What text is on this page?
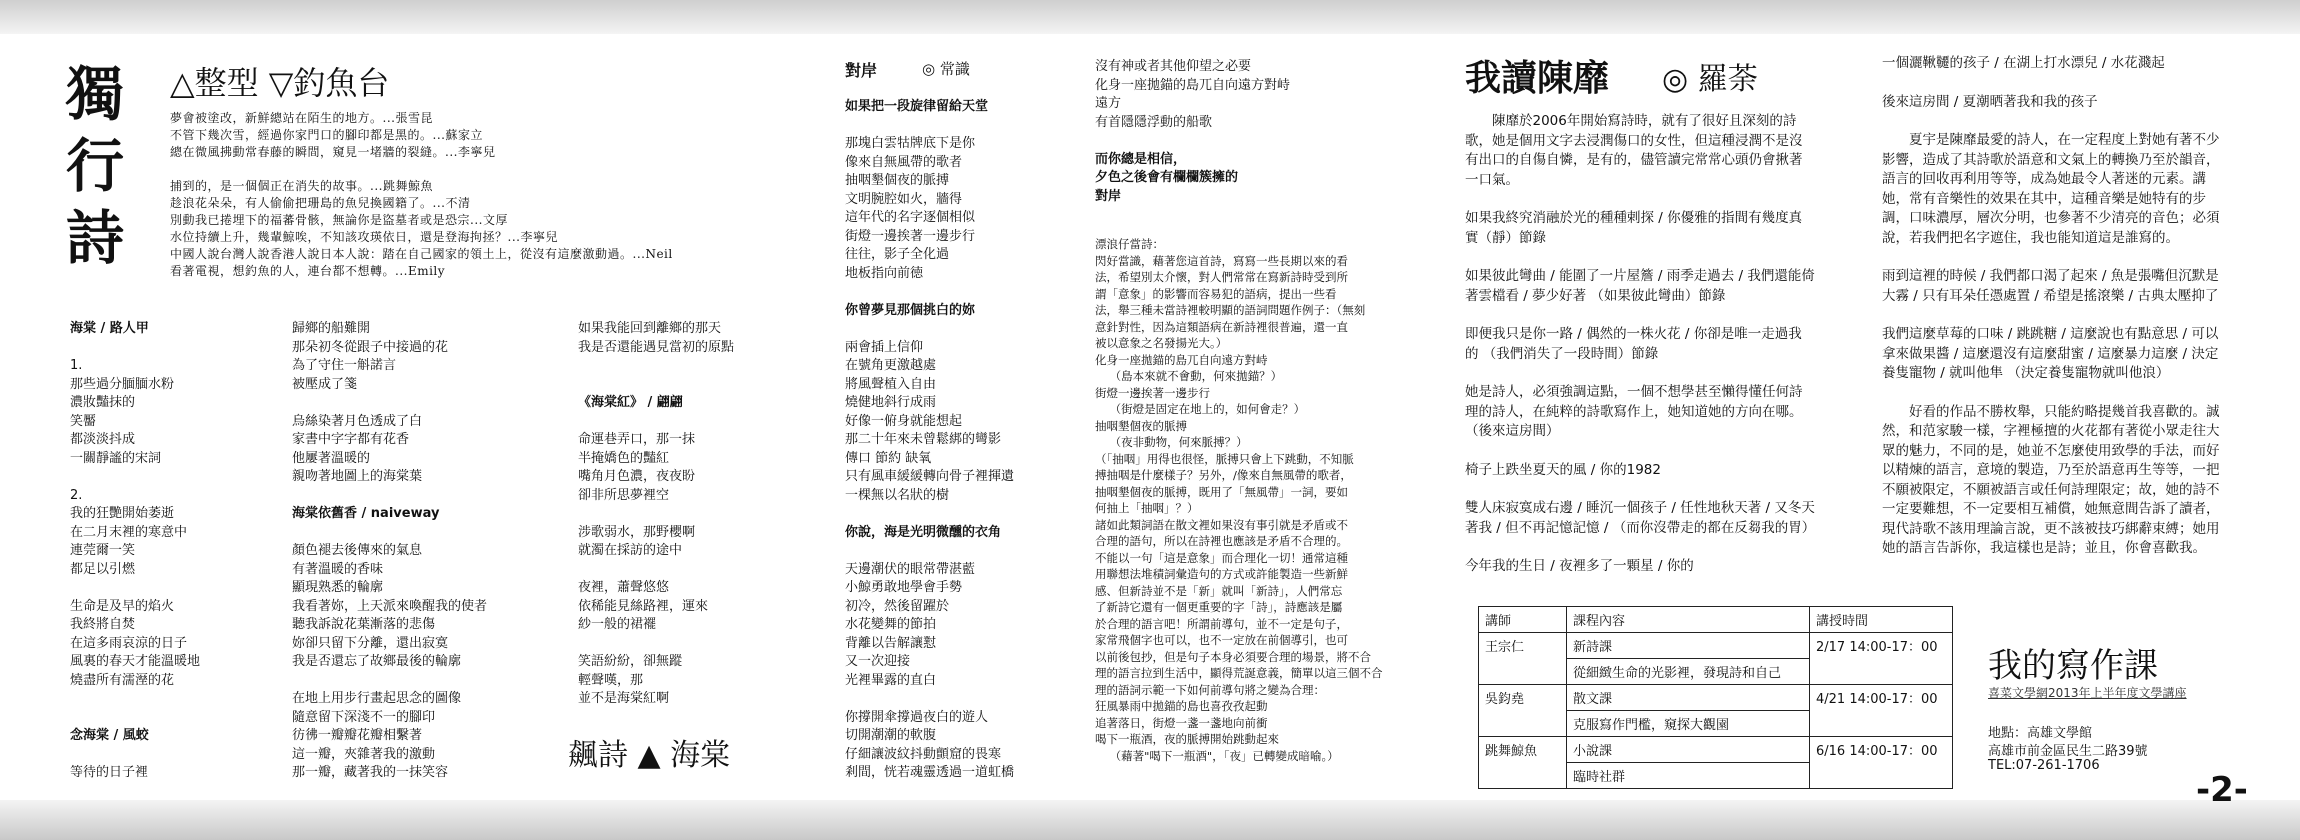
獨
行
詩
△整型 ▽釣魚台
夢會被塗改，新鮮總站在陌生的地方。...張雪昆
不管下幾次雪，經過你家門口的腳印都是黑的。...蘇家立
總在微風拂動常春藤的瞬間，窺見一堵牆的裂縫。...李寧兒

捕到的，是一個個正在消失的故事。...跳舞鯨魚
趁浪花朵朵，有人偷偷把珊島的魚兒換國籍了。...不清
別動我已捲埋下的福蕃骨骸，無論你是盜墓者或是恐宗...文厚
水位持續上升，幾輩鯨唉，不知該攻瑛依日，還是登海拘拯？...李寧兒
中國人說台灣人說香港人說日本人說：踏在自己國家的領土上，從沒有這麼激動過。...Neil
看著電視，想釣魚的人，連台都不想轉。...Emily

海棠 / 路人甲

1.

那些過分腼腼水粉

濃妝豔抹的

笑靨

都淡淡抖成

一關靜謐的宋詞

2.

我的狂艷開始萎逝

在二月末裡的寒意中

連莞爾一笑

都足以引燃

生命是及早的焰火

我終將自焚

在這多雨哀涼的日子

風裏的春天才能溫暖地

燒盡所有濡溼的花

念海棠 / 風蛟

等待的日子裡

歸鄉的船難開

那朵初冬從跟子中接過的花

為了守住一斛諾言

被壓成了箋

烏絲染著月色透成了白

家書中字字都有花香

他屢著溫暖的

親吻著地圖上的海棠葉

海棠依舊香 / naiveway

顏色褪去後傳來的氣息

有著溫暖的香味

顯現熟悉的輪廓

我看著妳，上天派來喚醒我的使者

聽我訴說花葉漸落的悲傷

妳卻只留下分離，還出寂寞

我是否還忘了故鄉最後的輪廓

在地上用步行畫起思念的圖像

隨意留下深淺不一的腳印

彷彿一瓣瓣花瓣相繫著

這一瓣，夾雜著我的激動

那一瓣，藏著我的一抹笑容

如果我能回到離鄉的那天

我是否還能遇見當初的原點

《海棠紅》 / 翩翩

命運巷弄口，那一抹

半掩嬌色的豔紅

嘴角月色濃，夜夜盼

卻非所思夢裡空

涉歌弱水，那野櫻啊

就濁在採訪的途中

夜裡，蕭聲悠悠

依稀能見絲路裡，運來

紗一般的裙襬

笑語紛紛，卻無蹤

輕聲嘆，那

並不是海棠紅啊

飆詩 ▲ 海棠
對岸	◎ 常識

如果把一段旋律留給天堂

那塊白雲牯牌底下是你

像來自無風帶的歌者

抽咽墾個夜的脈搏

文明腕腔如火，牆得

這年代的名字逐個相似

街燈一邊挨著一邊步行

往往，影子全化過

地板指向前徳

你曾夢見那個挑白的妳

兩會插上信仰

在號角更激越處

將風聲植入自由

燒健地斜行成雨

好像一俯身就能想起

那二十年來未曾鬆綁的彎影

傳口 節約 缺氧

只有風車緩緩轉向骨子裡揮遺

一棵無以名狀的樹

你說，海是光明微醺的衣角

天邊潮伏的眼常帶湛藍

小鯨勇敢地學會手勢

初冷，然後留躍於

水花變舞的節拍

背離以告解讓懟

又一次迎接

光裡畢露的直白

你撐開傘撐過夜白的遊人

切開潮潮的軟腹

仔細讓波紋抖動顫窟的畏寒

剎間，恍若魂靈透過一道虹橋

沒有神或者其他仰望之必要

化身一座拋錨的島兀自向遠方對峙

遠方

有首隱隱浮動的船歌

而你總是相信，

夕色之後會有欄欄簇擁的

對岸

漂浪仔當詩：

閃好當識，藉著您這首詩，寫寫一些長期以來的看

法，希望別太介懷，對人們常常在寫新詩時受到所

謂「意象」的影響而容易犯的語病，提出一些看

法，舉三種未當詩裡較明顯的語詞問題作例子：（無刻

意針對性，因為這類語病在新詩裡很普遍，還一直

被以意象之名發揚光大。）

化身一座拋錨的島兀自向遠方對峙

（島本來就不會動，何來拋錨？）

街燈一邊挨著一邊步行

（街燈是固定在地上的，如何會走？）

抽咽墾個夜的脈搏

（夜非動物，何來脈搏？）

（「抽咽」用得也很怪，脈搏只會上下跳動，不知脈

搏抽咽是什麼樣子？另外，/像來自無風帶的歌者，

抽咽墾個夜的脈搏，既用了「無風帶」一詞，要如

何抽上「抽咽」？）

諸如此類詞語在散文裡如果沒有事引就是矛盾或不

合理的語句，所以在詩裡也應該是矛盾不合理的。

不能以一句「這是意象」而合理化一切！通常這種

用聯想法堆積詞彙造句的方式或許能製造一些新鮮

感、但新詩並不是「新」就叫「新詩」，人們常忘

了新詩它還有一個更重要的字「詩」，詩應該是屬

於合理的語言吧！所謂前導句，並不一定是句子，

家常飛個字也可以，也不一定放在前個導引，也可

以前後包抄，但是句子本身必須要合理的場景，將不合

理的語言拉到生活中，顯得荒誕意義，簡單以這三個不合

理的語詞示範一下如何前導句將之變為合理：

狂風暴雨中拋錨的島也喜孜孜起動

追著落日，街燈一盞一盞地向前衝

喝下一瓶酒，夜的脈搏開始跳動起來

（藉著"喝下一瓶酒"，「夜」已轉變成暗喻。）

我讀陳靡 ◎ 羅荼

陳靡於2006年開始寫詩時，就有了很好且深刻的詩歌，她是個用文字去浸潤傷口的女性，但這種浸潤不是沒有出口的自傷自憐，是有的，儘管讀完常常心頭仍會揪著一口氣。

如果我終究消融於光的種種剌探 / 你優雅的指間有幾度真實（靜）節錄

如果彼此彎曲 / 能圍了一片屋簷 / 雨季走過去 / 我們還能倚著雲檔看 / 夢少好著 （如果彼此彎曲）節錄

即便我只是你一路 / 偶然的一株火花 / 你卻是唯一走過我的 （我們消失了一段時間）節錄

她是詩人，必須強調這點，一個不想學甚至懶得懂任何詩理的詩人，在純粹的詩歌寫作上，她知道她的方向在哪。 （後來這房間）

椅子上跌坐夏天的風 / 你的1982

雙人床寂寞成右邊 / 睡沉一個孩子 / 任性地秋天著 / 又冬天著我 / 但不再記憶記憶 / （而你沒帶走的都在反芻我的胃）

今年我的生日 / 夜裡多了一顆星 / 你的

一個灑鞦韆的孩子 / 在湖上打水漂兒 / 水花濺起

後來這房間 / 夏潮晒著我和我的孩子

夏宇是陳靡最愛的詩人，在一定程度上對她有著不少影響，造成了其詩歌於語意和文氣上的轉換乃至於韻音，語言的回收再利用等等，成為她最令人著迷的元素。講她，常有音樂性的效果在其中，這種音樂是她特有的步調，口味濃厚，層次分明，也參著不少清亮的音色；必須說，若我們把名字遮住，我也能知道這是誰寫的。

雨到這裡的時候 / 我們都口渴了起來 / 魚是張嘴但沉默是大霧 / 只有耳朵任憑處置 / 希望是搖滾樂 / 古典太壓抑了

我們這麼草莓的口味 / 跳跳糖 / 這麼說也有點意思 / 可以拿來做果醬 / 這麼還沒有這麼甜蜜 / 這麼暴力這麼 / 決定養隻寵物 / 就叫他隼 （決定養隻寵物就叫他浪）

好看的作品不勝枚舉，只能約略提幾首我喜歡的。誠然，和范家駿一樣，字裡極擅的火花都有著從小眾走往大眾的魅力，不同的是，她並不怎麼使用致學的手法，而好以精煉的語言，意境的製造，乃至於語意再生等等，一把不願被限定，不願被語言或任何詩理限定；故，她的詩不一定要難想，不一定要相互補償，她無意間告訴了讀者，現代詩歌不該用理論言說，更不該被技巧綁辭束縛；她用她的語言告訴你，我這樣也是詩；並且，你會喜歡我。

講師	課程內容	講授時間
王宗仁	新詩課	2/17 14:00-17：00
	從細緻生命的光影裡，發現詩和自己	
吳鈞堯	散文課	4/21 14:00-17：00
	克服寫作門檻，窺探大觀園	
跳舞鯨魚	小說課	6/16 14:00-17：00
	臨時社群	
我的寫作課
喜菜文學網2013年上半年度文學講座
地點：高雄文學館
高雄市前金區民生二路39號
TEL:07-261-1706
-2-
